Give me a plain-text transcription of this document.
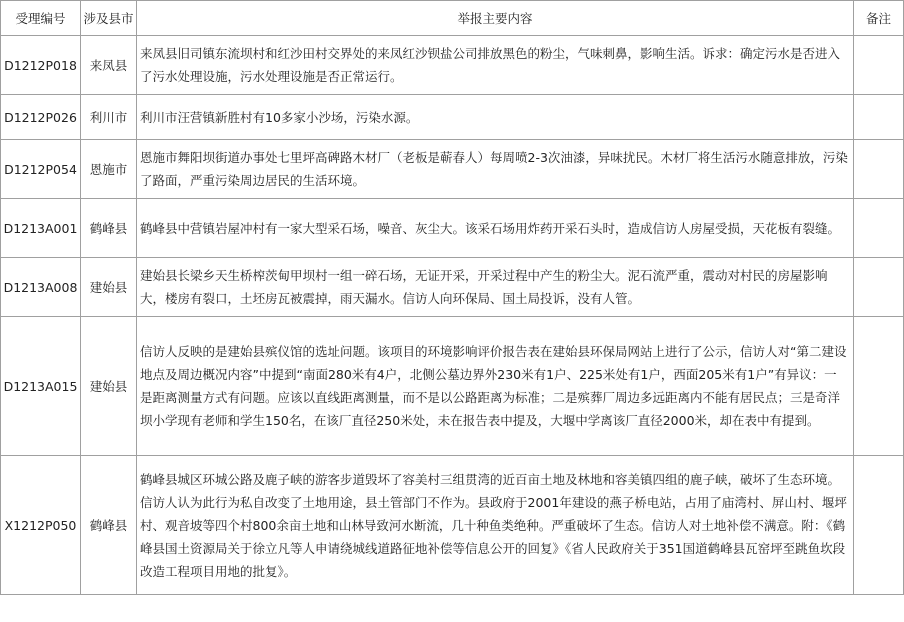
受理编号	涉及县市	举报主要内容	备注
D1212P018	来凤县	来凤县旧司镇东流坝村和红沙田村交界处的来凤红沙钡盐公司排放黑色的粉尘，气味刺鼻，影响生活。诉求：确定污水是否进入了污水处理设施，污水处理设施是否正常运行。	
D1212P026	利川市	利川市汪营镇新胜村有10多家小沙场，污染水源。	
D1212P054	恩施市	恩施市舞阳坝街道办事处七里坪高碑路木材厂（老板是蕲春人）每周喷2-3次油漆，异味扰民。木材厂将生活污水随意排放，污染了路面，严重污染周边居民的生活环境。	
D1213A001	鹤峰县	鹤峰县中营镇岩屋冲村有一家大型采石场，噪音、灰尘大。该采石场用炸药开采石头时，造成信访人房屋受损，天花板有裂缝。	
D1213A008	建始县	建始县长梁乡天生桥榨茨甸甲坝村一组一碎石场，无证开采，开采过程中产生的粉尘大。泥石流严重，震动对村民的房屋影响大，楼房有裂口，土坯房瓦被震掉，雨天漏水。信访人向环保局、国土局投诉，没有人管。	
D1213A015	建始县	信访人反映的是建始县殡仪馆的选址问题。该项目的环境影响评价报告表在建始县环保局网站上进行了公示，信访人对“第二建设地点及周边概况内容”中提到“南面280米有4户，北侧公墓边界外230米有1户、225米处有1户，西面205米有1户”有异议：一是距离测量方式有问题。应该以直线距离测量，而不是以公路距离为标准；二是殡葬厂周边多远距离内不能有居民点；三是奇洋坝小学现有老师和学生150名，在该厂直径250米处，未在报告表中提及，大堰中学离该厂直径2000米，却在表中有提到。	
X1212P050	鹤峰县	鹤峰县城区环城公路及鹿子峡的游客步道毁坏了容美村三组贯湾的近百亩土地及林地和容美镇四组的鹿子峡，破坏了生态环境。信访人认为此行为私自改变了土地用途，县土管部门不作为。县政府于2001年建设的燕子桥电站，占用了庙湾村、屏山村、堰坪村、观音坡等四个村800余亩土地和山林导致河水断流，几十种鱼类绝种。严重破坏了生态。信访人对土地补偿不满意。附：《鹤峰县国土资源局关于徐立凡等人申请绕城线道路征地补偿等信息公开的回复》《省人民政府关于351国道鹤峰县瓦窑坪至跳鱼坎段改造工程项目用地的批复》。	
